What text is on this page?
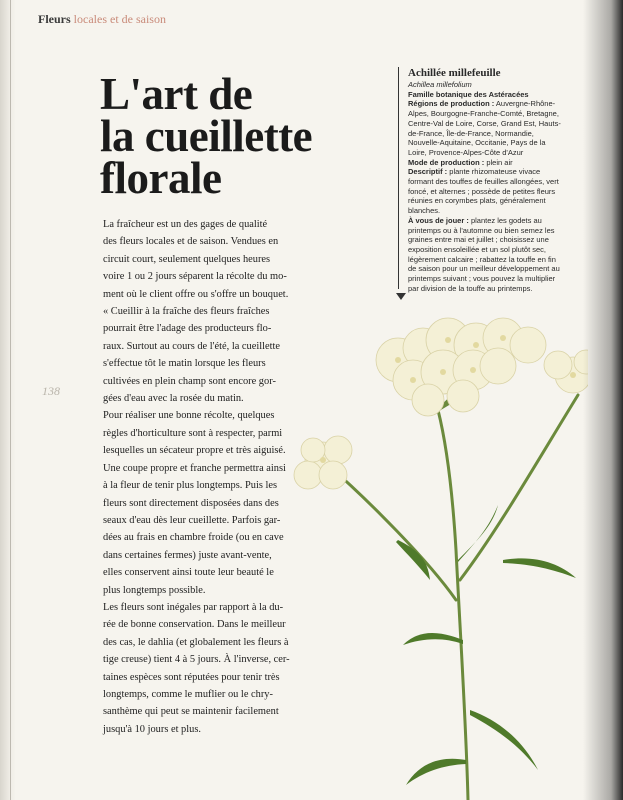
Fleurs locales et de saison
L'art de
la cueillette
florale

La fraîcheur est un des gages de qualité

des fleurs locales et de saison. Vendues en

circuit court, seulement quelques heures

voire 1 ou 2 jours séparent la récolte du mo-

ment où le client offre ou s'offre un bouquet.

« Cueillir à la fraîche des fleurs fraîches

pourrait être l'adage des producteurs flo-

raux. Surtout au cours de l'été, la cueillette

s'effectue tôt le matin lorsque les fleurs

cultivées en plein champ sont encore gor-

gées d'eau avec la rosée du matin.

Pour réaliser une bonne récolte, quelques

règles d'horticulture sont à respecter, parmi

lesquelles un sécateur propre et très aiguisé.

Une coupe propre et franche permettra ainsi

à la fleur de tenir plus longtemps. Puis les

fleurs sont directement disposées dans des

seaux d'eau dès leur cueillette. Parfois gar-

dées au frais en chambre froide (ou en cave

dans certaines fermes) juste avant-vente,

elles conservent ainsi toute leur beauté le

plus longtemps possible.

Les fleurs sont inégales par rapport à la du-

rée de bonne conservation. Dans le meilleur

des cas, le dahlia (et globalement les fleurs à

tige creuse) tient 4 à 5 jours. À l'inverse, cer-

taines espèces sont réputées pour tenir très

longtemps, comme le muflier ou le chry-

santhème qui peut se maintenir facilement

jusqu'à 10 jours et plus.

138
Achillée millefeuille
Achillea millefolium
Famille botanique des Astéracées

Régions de production : Auvergne-Rhône-Alpes, Bourgogne-Franche-Comté, Bretagne, Centre-Val de Loire, Corse, Grand Est, Hauts-de-France, Île-de-France, Normandie, Nouvelle-Aquitaine, Occitanie, Pays de la Loire, Provence-Alpes-Côte d'Azur

Mode de production : plein air

Descriptif : plante rhizomateuse vivace formant des touffes de feuilles allongées, vert foncé, et alternes ; possède de petites fleurs réunies en corymbes plats, généralement blanches.

À vous de jouer : plantez les godets au printemps ou à l'automne ou bien semez les graines entre mai et juillet ; choisissez une exposition ensoleillée et un sol plutôt sec, légèrement calcaire ; rabattez la touffe en fin de saison pour un meilleur développement au printemps suivant ; vous pouvez la multiplier par division de la touffe au printemps.
